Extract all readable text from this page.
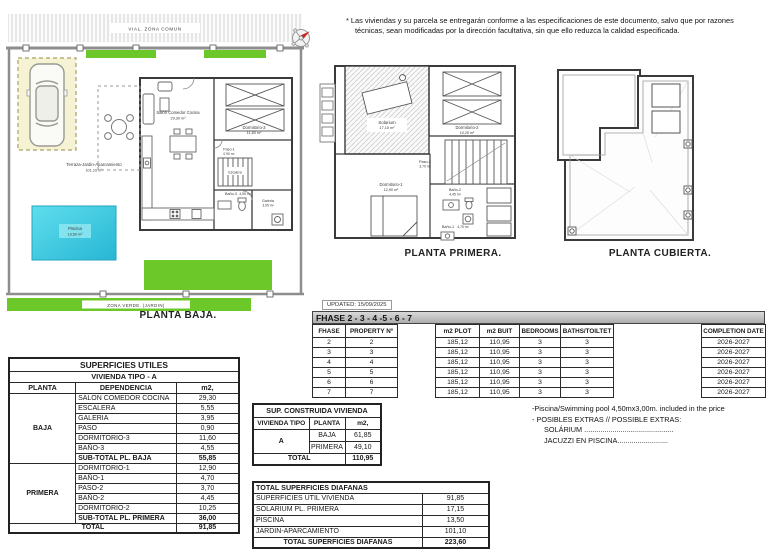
VIAL. ZONA COMUN
ZONA VERDE. (JARDIN)
Piscina
13,50 m²
Terraza-Jardin-Aparcamiento
101,10 m²	Escalera
Salon Comedor Cocina
29,30 m²
Dormitorio-3
11,60 m²
Paso-1
0,90 m²
Baño-3 4,55 m²
Galeria
3,95 m²
PLANTA BAJA.

* Las viviendas y su parcela se entregarán conforme a las especificaciones de este documento, salvo que por razones técnicas, sean modificadas por la dirección facultativa, sin que ello reduzca la calidad especificada.

Solarium
17,15 m²	Dormitorio-2
10,25 m²
Paso-2
3,70 m²
Dormitorio-1
12,90 m²	Baño-2
4,45 m²
Baño-1 4,70 m²
PLANTA PRIMERA.	PLANTA CUBIERTA.
UPDATED: 15/09/2025
FHASE 2 - 3 - 4 -5 - 6 - 7
FHASE	PROPERTY Nº		m2 PLOT	m2 BUIT	BEDROOMS	BATHS/TOILTET		COMPLETION DATE
2	2		185,12	110,95	3	3		2026-2027
3	3		185,12	110,95	3	3		2026-2027
4	4		185,12	110,95	3	3		2026-2027
5	5		185,12	110,95	3	3		2026-2027
6	6		185,12	110,95	3	3		2026-2027
7	7		185,12	110,95	3	3		2026-2027
SUPERFICIES UTILES		
VIVIENDA TIPO - A		
PLANTA	DEPENDENCIA	m2,
BAJA	SALON COMEDOR COCINA	29,30
	ESCALERA	5,55
	GALERIA	3,95
	PASO	0,90
	DORMITORIO-3	11,60
	BAÑO-3	4,55
	SUB-TOTAL PL. BAJA	55,85
PRIMERA	DORMITORIO-1	12,90
	BAÑO-1	4,70
	PASO-2	3,70
	BAÑO-2	4,45
	DORMITORIO-2	10,25
	SUB-TOTAL PL. PRIMERA	36,00
TOTAL		91,85
SUP. CONSTRUIDA VIVIENDA		
VIVIENDA TIPO	PLANTA	m2,
A	BAJA	61,85
	PRIMERA	49,10
TOTAL		110,95
TOTAL SUPERFICIES DIAFANAS	
SUPERFICIES UTIL VIVIENDA	91,85
SOLARIUM PL. PRIMERA	17,15
PISCINA	13,50
JARDIN-APARCAMIENTO	101,10
TOTAL SUPERFICIES DIAFANAS	223,60
-Piscina/Swimming pool 4,50mx3,00m. included in the price
- POSIBLES EXTRAS // POSSIBLE EXTRAS:
SOLÁRIUM ............................................
JACUZZI EN PISCINA.........................
